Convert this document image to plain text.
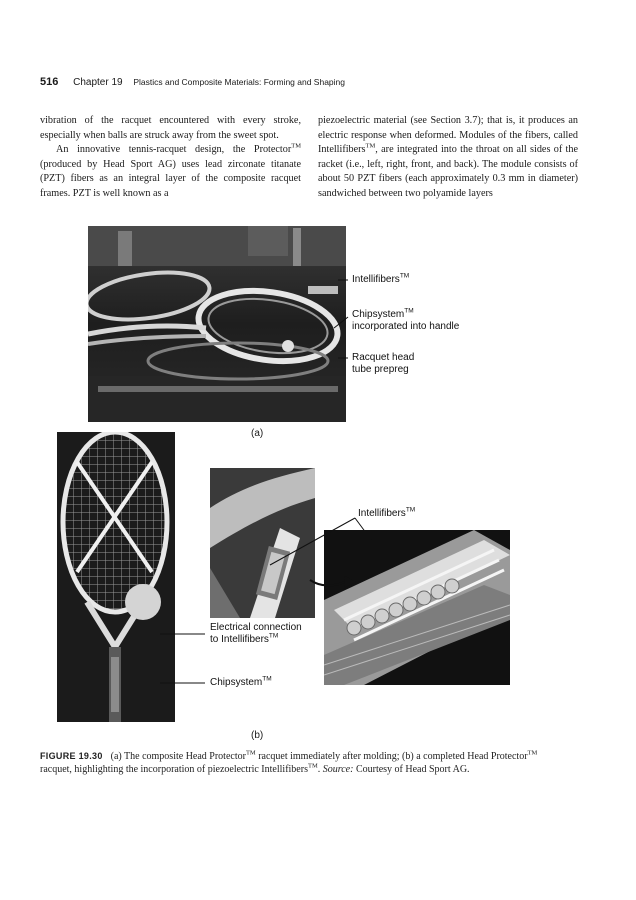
516 Chapter 19 Plastics and Composite Materials: Forming and Shaping

vibration of the racquet encountered with every stroke, especially when balls are struck away from the sweet spot.

An innovative tennis-racquet design, the Protector™ (produced by Head Sport AG) uses lead zirconate titanate (PZT) fibers as an integral layer of the composite racquet frames. PZT is well known as a

piezoelectric material (see Section 3.7); that is, it produces an electric response when deformed. Modules of the fibers, called Intellifibers™, are integrated into the throat on all sides of the racket (i.e., left, right, front, and back). The module consists of about 50 PZT fibers (each approximately 0.3 mm in diameter) sandwiched between two polyamide layers

Intellifibers™
Chipsystem™
incorporated into handle
Racquet head
tube prepreg
(a)
Intellifibers™
Electrical connection
to Intellifibers™
Chipsystem™
(b)
FIGURE 19.30 (a) The composite Head Protector™ racquet immediately after molding; (b) a completed Head Protector™ racquet, highlighting the incorporation of piezoelectric Intellifibers™. Source: Courtesy of Head Sport AG.
